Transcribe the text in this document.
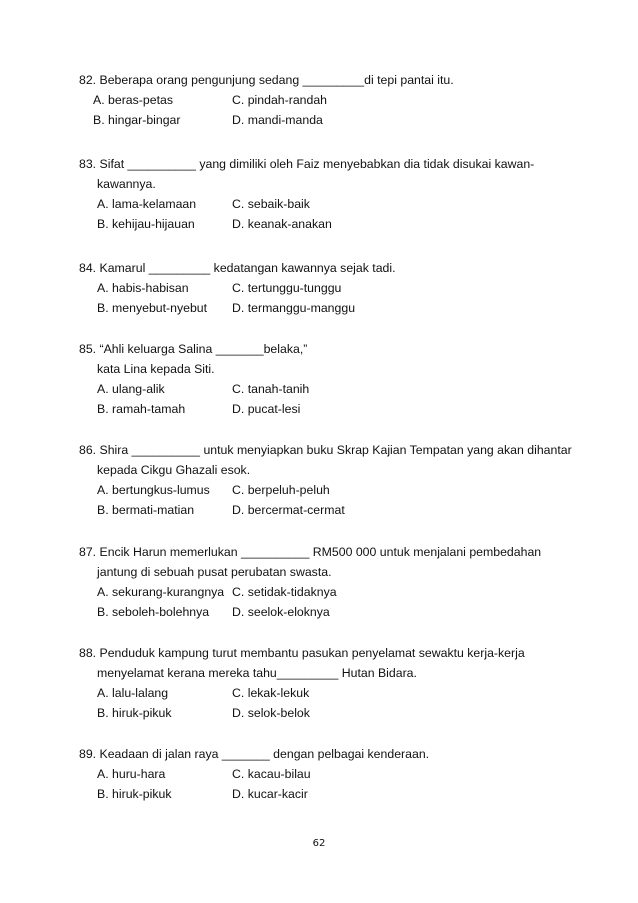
82. Beberapa orang pengunjung sedang _________di tepi pantai itu.
A. beras-petas	C. pindah-randah
B. hingar-bingar	D. mandi-manda
83. Sifat __________ yang dimiliki oleh Faiz menyebabkan dia tidak disukai kawan-
kawannya.
A. lama-kelamaan	C. sebaik-baik
B. kehijau-hijauan	D. keanak-anakan
84. Kamarul _________ kedatangan kawannya sejak tadi.
A. habis-habisan	C. tertunggu-tunggu
B. menyebut-nyebut D. termanggu-manggu
85. “Ahli keluarga Salina _______belaka,”
kata Lina kepada Siti.
A. ulang-alik	C. tanah-tanih
B. ramah-tamah	D. pucat-lesi
86. Shira __________ untuk menyiapkan buku Skrap Kajian Tempatan yang akan dihantar
kepada Cikgu Ghazali esok.
A. bertungkus-lumus C. berpeluh-peluh
B. bermati-matian	D. bercermat-cermat
87. Encik Harun memerlukan __________ RM500 000 untuk menjalani pembedahan
jantung di sebuah pusat perubatan swasta.
A. sekurang-kurangnya C. setidak-tidaknya
B. seboleh-bolehnya D. seelok-eloknya
88. Penduduk kampung turut membantu pasukan penyelamat sewaktu kerja-kerja
menyelamat kerana mereka tahu_________ Hutan Bidara.
A. lalu-lalang	C. lekak-lekuk
B. hiruk-pikuk	D. selok-belok
89. Keadaan di jalan raya _______ dengan pelbagai kenderaan.
A. huru-hara	C. kacau-bilau
B. hiruk-pikuk	D. kucar-kacir
62
